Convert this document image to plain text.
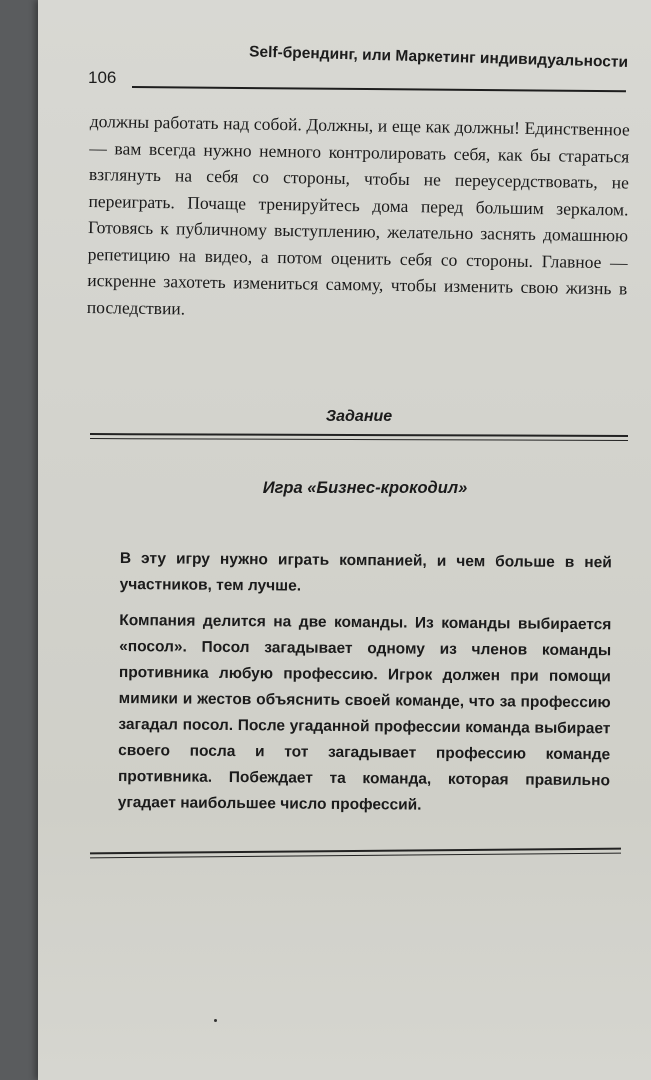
106
Self-брендинг, или Маркетинг индивидуальности

должны работать над собой. Должны, и еще как должны! Единственное — вам всегда нужно немного контролировать себя, как бы стараться взглянуть на себя со стороны, чтобы не переусердствовать, не переиграть. Почаще тренируйтесь дома перед большим зеркалом. Готовясь к публичному выступлению, желательно заснять домашнюю репетицию на видео, а потом оценить себя со стороны. Главное — искренне захотеть измениться самому, чтобы изменить свою жизнь в последствии.

Задание
Игра «Бизнес-крокодил»

В эту игру нужно играть компанией, и чем больше в ней участников, тем лучше.

Компания делится на две команды. Из команды выбирается «посол». Посол загадывает одному из членов команды противника любую профессию. Игрок должен при помощи мимики и жестов объяснить своей команде, что за профессию загадал посол. После угаданной профессии команда выбирает своего посла и тот загадывает профессию команде противника. Побеждает та команда, которая правильно угадает наибольшее число профессий.
